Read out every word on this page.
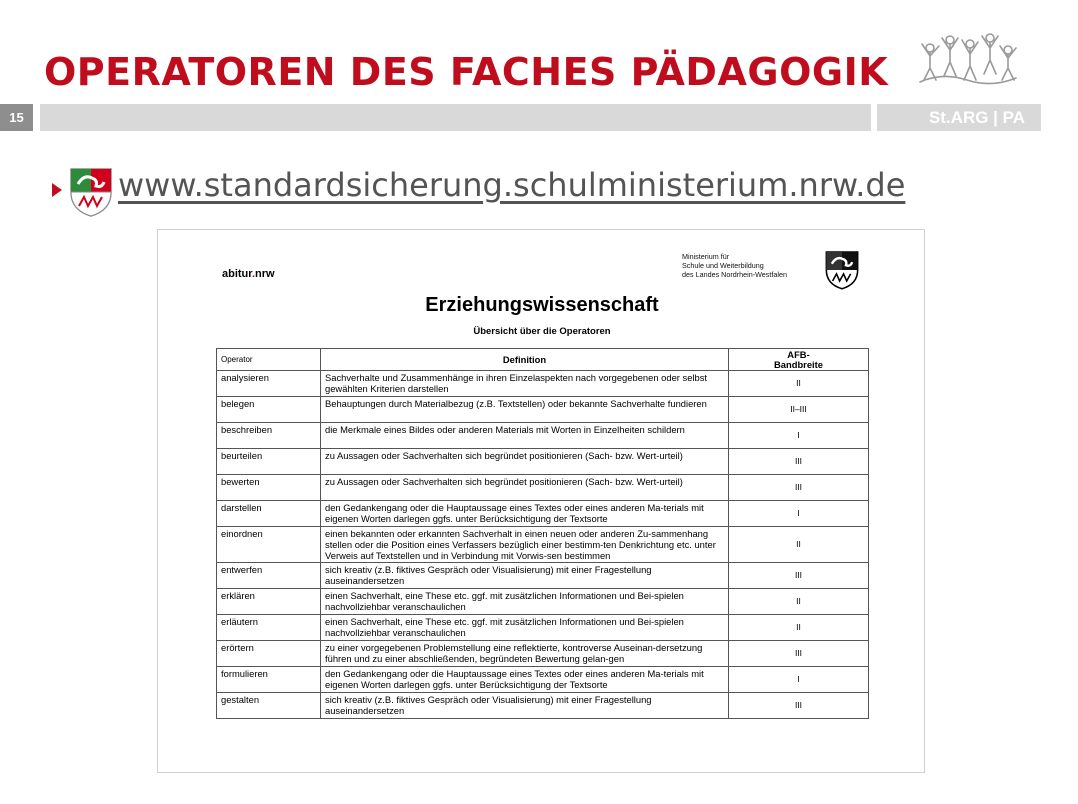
OPERATOREN DES FACHES PÄDAGOGIK
15	St.ARG | PA
www.standardsicherung.schulministerium.nrw.de
abitur.nrw
Ministerium für
Schule und Weiterbildung
des Landes Nordrhein-Westfalen
Erziehungswissenschaft
Übersicht über die Operatoren
Operator	Definition	AFB-
Bandbreite
analysieren	Sachverhalte und Zusammenhänge in ihren Einzelaspekten nach vorgegebenen oder selbst gewählten Kriterien darstellen	II
belegen	Behauptungen durch Materialbezug (z.B. Textstellen) oder bekannte Sachverhalte fundieren	II–III
beschreiben	die Merkmale eines Bildes oder anderen Materials mit Worten in Einzelheiten schildern	I
beurteilen	zu Aussagen oder Sachverhalten sich begründet positionieren (Sach- bzw. Wert-urteil)	III
bewerten	zu Aussagen oder Sachverhalten sich begründet positionieren (Sach- bzw. Wert-urteil)	III
darstellen	den Gedankengang oder die Hauptaussage eines Textes oder eines anderen Ma-terials mit eigenen Worten darlegen ggfs. unter Berücksichtigung der Textsorte	I
einordnen	einen bekannten oder erkannten Sachverhalt in einen neuen oder anderen Zu-sammenhang stellen oder die Position eines Verfassers bezüglich einer bestimm-ten Denkrichtung etc. unter Verweis auf Textstellen und in Verbindung mit Vorwis-sen bestimmen	II
entwerfen	sich kreativ (z.B. fiktives Gespräch oder Visualisierung) mit einer Fragestellung auseinandersetzen	III
erklären	einen Sachverhalt, eine These etc. ggf. mit zusätzlichen Informationen und Bei-spielen nachvollziehbar veranschaulichen	II
erläutern	einen Sachverhalt, eine These etc. ggf. mit zusätzlichen Informationen und Bei-spielen nachvollziehbar veranschaulichen	II
erörtern	zu einer vorgegebenen Problemstellung eine reflektierte, kontroverse Auseinan-dersetzung führen und zu einer abschließenden, begründeten Bewertung gelan-gen	III
formulieren	den Gedankengang oder die Hauptaussage eines Textes oder eines anderen Ma-terials mit eigenen Worten darlegen ggfs. unter Berücksichtigung der Textsorte	I
gestalten	sich kreativ (z.B. fiktives Gespräch oder Visualisierung) mit einer Fragestellung auseinandersetzen	III
